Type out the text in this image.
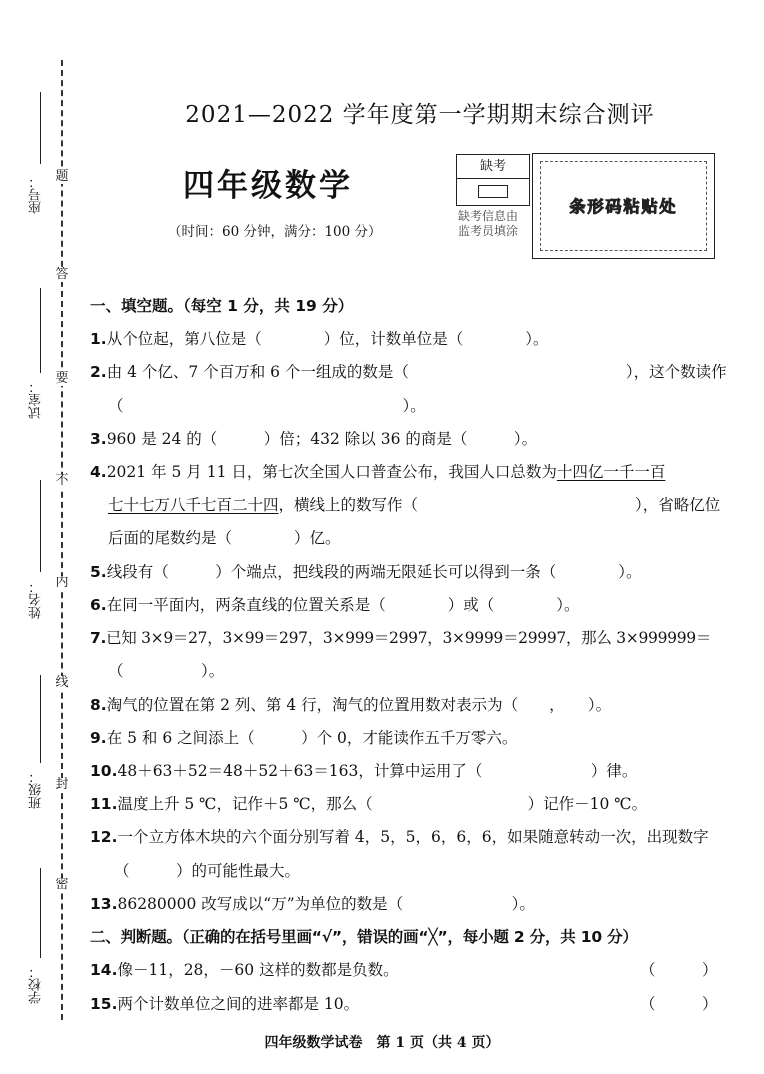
座号：
试室：
姓名：
班级：
学校：
题
答
要
不
内
线
封
密
2021—2022 学年度第一学期期末综合测评
四年级数学
（时间：60 分钟，满分：100 分）
缺考
缺考信息由监考员填涂
条形码粘贴处
一、填空题。（每空 1 分，共 19 分）
1.从个位起，第八位是（　　　　）位，计数单位是（　　　　）。
2.由 4 个亿、7 个百万和 6 个一组成的数是（　　　　　　　　　　　　　　），这个数读作
（　　　　　　　　　　　　　　　　　　）。
3.960 是 24 的（　　　）倍；432 除以 36 的商是（　　　）。
4.2021 年 5 月 11 日，第七次全国人口普查公布，我国人口总数为十四亿一千一百
七十七万八千七百二十四，横线上的数写作（　　　　　　　　　　　　　　），省略亿位
后面的尾数约是（　　　　）亿。
5.线段有（　　　）个端点，把线段的两端无限延长可以得到一条（　　　　）。
6.在同一平面内，两条直线的位置关系是（　　　　）或（　　　　）。
7.已知 3×9＝27，3×99＝297，3×999＝2997，3×9999＝29997，那么 3×999999＝
（　　　　　）。
8.淘气的位置在第 2 列、第 4 行，淘气的位置用数对表示为（　　，　　）。
9.在 5 和 6 之间添上（　　　）个 0，才能读作五千万零六。
10.48＋63＋52＝48＋52＋63＝163，计算中运用了（　　　　　　　）律。
11.温度上升 5 ℃，记作＋5 ℃，那么（　　　　　　　　　　）记作－10 ℃。
12.一个立方体木块的六个面分别写着 4，5，5，6，6，6，如果随意转动一次，出现数字
（　　　）的可能性最大。
13.86280000 改写成以“万”为单位的数是（　　　　　　　）。
二、判断题。（正确的在括号里画“√”，错误的画“╳”，每小题 2 分，共 10 分）
14.像－11，28，－60 这样的数都是负数。	（　　　）
15.两个计数单位之间的进率都是 10。	（　　　）
四年级数学试卷　第 1 页（共 4 页）
